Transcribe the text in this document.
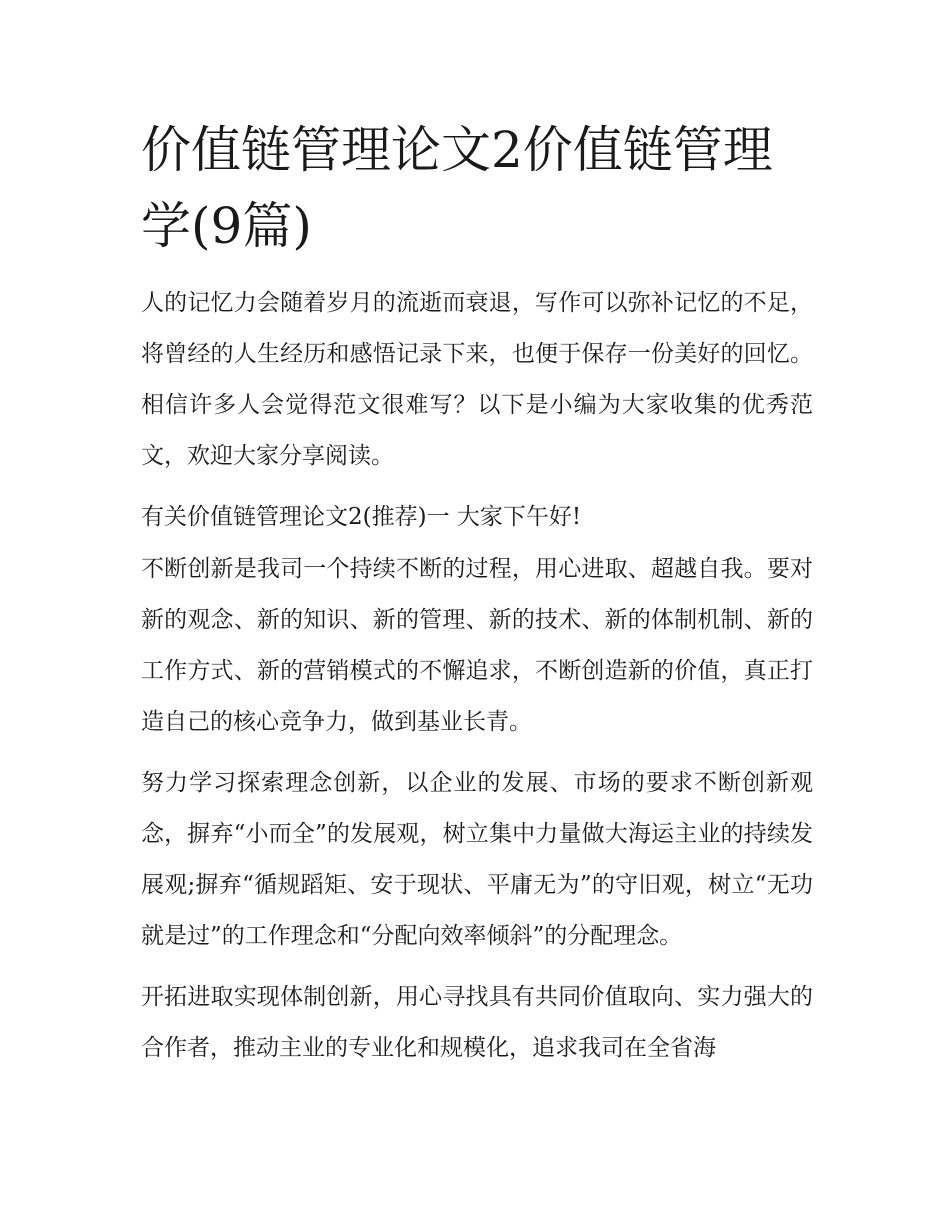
价值链管理论文2价值链管理学(9篇)

人的记忆力会随着岁月的流逝而衰退，写作可以弥补记忆的不足，将曾经的人生经历和感悟记录下来，也便于保存一份美好的回忆。相信许多人会觉得范文很难写？以下是小编为大家收集的优秀范文，欢迎大家分享阅读。

有关价值链管理论文2(推荐)一 大家下午好!

不断创新是我司一个持续不断的过程，用心进取、超越自我。要对新的观念、新的知识、新的管理、新的技术、新的体制机制、新的工作方式、新的营销模式的不懈追求，不断创造新的价值，真正打造自己的核心竞争力，做到基业长青。

努力学习探索理念创新，以企业的发展、市场的要求不断创新观念，摒弃“小而全”的发展观，树立集中力量做大海运主业的持续发展观;摒弃“循规蹈矩、安于现状、平庸无为”的守旧观，树立“无功就是过”的工作理念和“分配向效率倾斜”的分配理念。

开拓进取实现体制创新，用心寻找具有共同价值取向、实力强大的合作者，推动主业的专业化和规模化，追求我司在全省海
